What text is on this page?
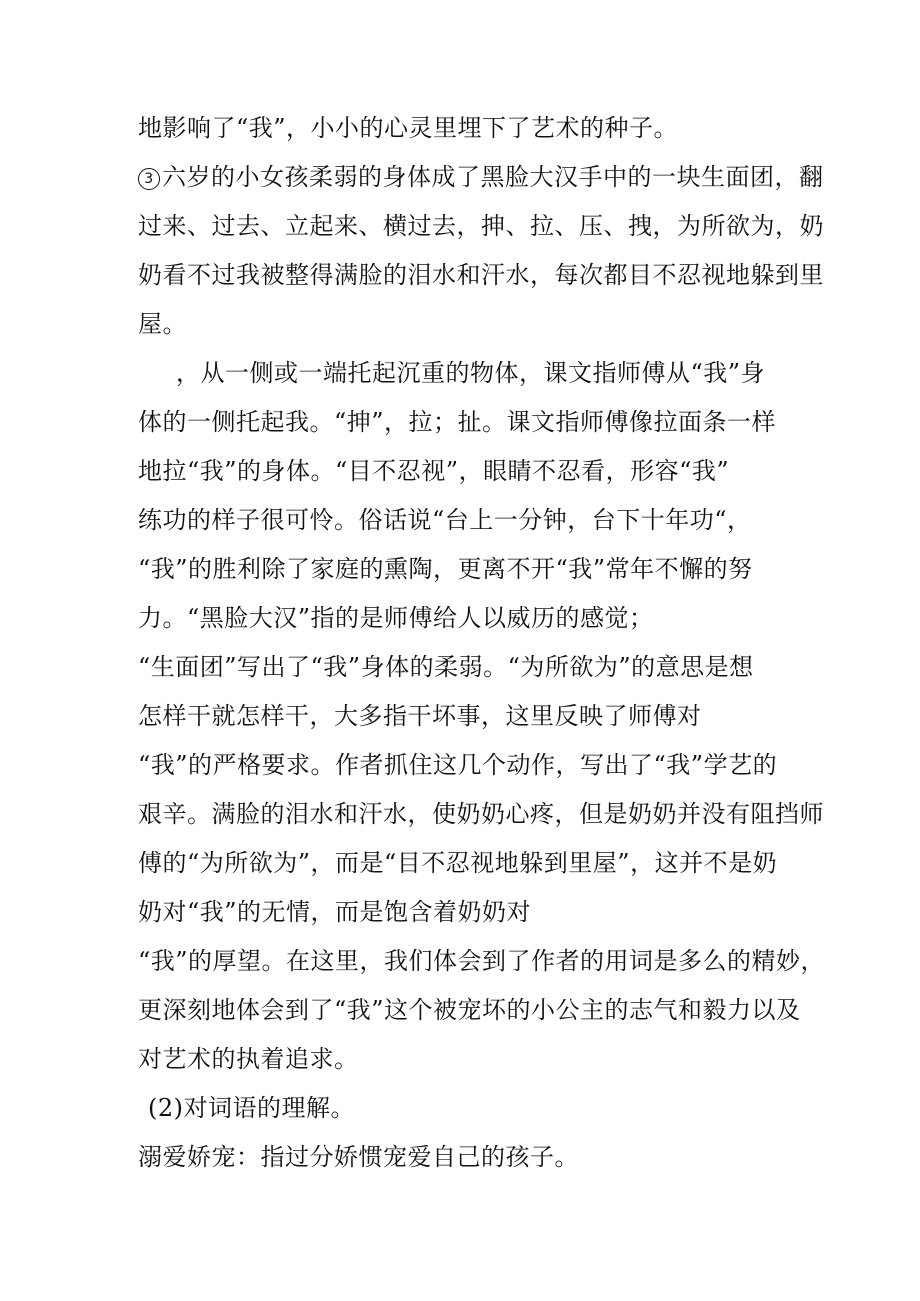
地影响了“我”，小小的心灵里埋下了艺术的种子。
3 六岁的小女孩柔弱的身体成了黑脸大汉手中的一块生面团，翻
过来、过去、立起来、横过去，抻、拉、压、拽，为所欲为，奶
奶看不过我被整得满脸的泪水和汗水，每次都目不忍视地躲到里
屋。
，从一侧或一端托起沉重的物体，课文指师傅从“我”身
体的一侧托起我。“抻”，拉；扯。课文指师傅像拉面条一样
地拉“我”的身体。“目不忍视”，眼睛不忍看，形容“我”
练功的样子很可怜。俗话说“台上一分钟，台下十年功“，
“我”的胜利除了家庭的熏陶，更离不开“我”常年不懈的努
力。“黑脸大汉”指的是师傅给人以威历的感觉；
“生面团”写出了“我”身体的柔弱。“为所欲为”的意思是想
怎样干就怎样干，大多指干坏事，这里反映了师傅对
“我”的严格要求。作者抓住这几个动作，写出了“我”学艺的
艰辛。满脸的泪水和汗水，使奶奶心疼，但是奶奶并没有阻挡师
傅的“为所欲为”，而是“目不忍视地躲到里屋”，这并不是奶
奶对“我”的无情，而是饱含着奶奶对
“我”的厚望。在这里，我们体会到了作者的用词是多么的精妙，
更深刻地体会到了“我”这个被宠坏的小公主的志气和毅力以及
对艺术的执着追求。
(2)对词语的理解。
溺爱娇宠：指过分娇惯宠爱自己的孩子。
